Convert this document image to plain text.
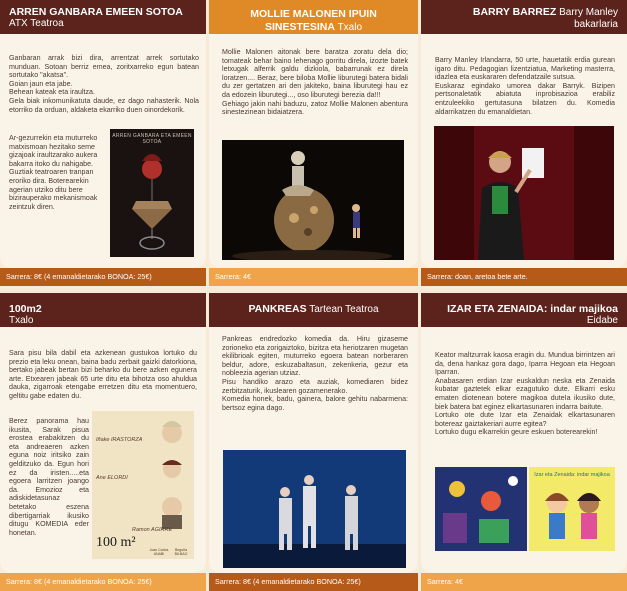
ARREN GANBARA EMEEN SOTOA
ATX Teatroa
Ganbaran arrak bizi dira, arrentzat arrek sortutako munduan. Sotoan berriz emea, zoritxarreko egun batean sortutako "akatsa".
Goian jaun eta jabe.
Behean kateak eta iraultza.
Gela biak inkomunikatuta daude, ez dago nahasterik. Nola etorriko da orduan, aldaketa ekarriko duen oinordekorik.
Ar-gezurrekin eta muturreko matxismoan hezitako seme gizajoak iraultzarako aukera bakarra itoko du nahigabe. Guztiak teatroaren tranpan eroriko dira. Boterearekin agerian utziko ditu bere bizirauperako mekanismoak zeintzuk diren.
ARREN GANBARA ETA EMEEN SOTOA
Sarrera: 8€ (4 emanaldietarako BONOA: 25€)
MOLLIE MALONEN IPUIN SINESTESINA Txalo
Mollie Malonen aitonak bere baratza zoratu dela dio; tomateak behar baino lehenago gorritu direla, izozte batek letxugak alferrik galdu dizkiola, babarrunak ez direla loratzen.... Beraz, bere biloba Mollie liburutegi batera bidali du zer gertatzen ari den jakiteko, baina liburutegi hau ez da edozein liburutegi..., oso liburutegi berezia da!!!
Gehiago jakin nahi baduzu, zatoz Mollie Malonen abentura sinestezinean bidaiatzera.
Sarrera: 4€
BARRY BARREZ Barry Manley
bakarlaria
Barry Manley Irlandarra, 50 urte, hauetatik erdia gurean igaro ditu. Pedagogian lizentziatua, Marketing masterra, idazlea eta euskararen defendatzaile sutsua.
Euskaraz egindako umorea dakar Barryk. Bizipen pertsonaletatik abiatuta inprobisazioa erabiliz entzuleekiko gertutasuna bilatzen du. Komedia aldarrikatzen du emanaldietan.
Sarrera: doan, aretoa bete arte.
100m2
Txalo
Sara pisu bila dabil eta azkenean gustukoa lortuko du prezio eta leku onean, baina badu zerbait gaizki datorkiona, bertako jabeak bertan bizi beharko du bere azken egunera arte. Etxearen jabeak 65 urte ditu eta bihotza oso ahuldua dauka, zigarroak etengabe erretzen ditu eta momentuero, geltitu gabe edaten du.
Berez panorama hau ikusita, Sarak pisua erostea erabakitzen du eta andreaeren azken eguna noiz iritsiko zain gelditzuko da. Egun hori ez da iristen.....eta egoera larritzen joango da. Emozioz eta adiskidetasunaz betetako eszena dibertigarriak ikusiko ditugu KOMEDIA eder honetan.
Iñake IRASTORZA
Ane ELORDI
Ramon AGIRRE
100 m²	Joan Carlos ANABI
Begoña BILBAO
Sarrera: 8€ (4 emanaldietarako BONOA: 25€)
PANKREAS Tartean Teatroa
Pankreas endredozko komedia da. Hiru gizaseme zorioneko eta zorigaiztoko, bizitza eta heriotzaren mugetan ekilibrioak egiten, muturreko egoera batean norberaren beldur, adore, eskuzabaltasun, zekenkeria, gezur eta nobleezia agerian utziaz.
Pisu handiko arazo eta auziak, komediaren bidez zerbitzaturik, ikuslearen gozamenerako.
Komedia honek, badu, gainera, balore gehitu nabarmena: bertsoz egina dago.
Sarrera: 8€ (4 emanaldietarako BONOA: 25€)
IZAR ETA ZENAIDA: indar majikoa
Eidabe
Keator maltzurrak kaosa eragin du. Mundua birrintzen ari da, dena hankaz gora dago, Iparra Hegoan eta Hegoan Iparran.
Anabasaren erdian Izar euskaldun neska eta Zenaida kubatar gaztetek elkar ezagutuko dute. Elkarri esku ematen diotenean botere magikoa duteIa ikusiko dute, biek batera bat eginez elkartasunaren indarra baitute.
Lortuko ote dute Izar eta Zenaidak elkartasunaren botereaz gaiztakeriari aurre egitea?
Lortuko dugu elkarrekin geure eskuen boterearekin!
Izar eta Zenaida: indar majikoa
Sarrera: 4€
